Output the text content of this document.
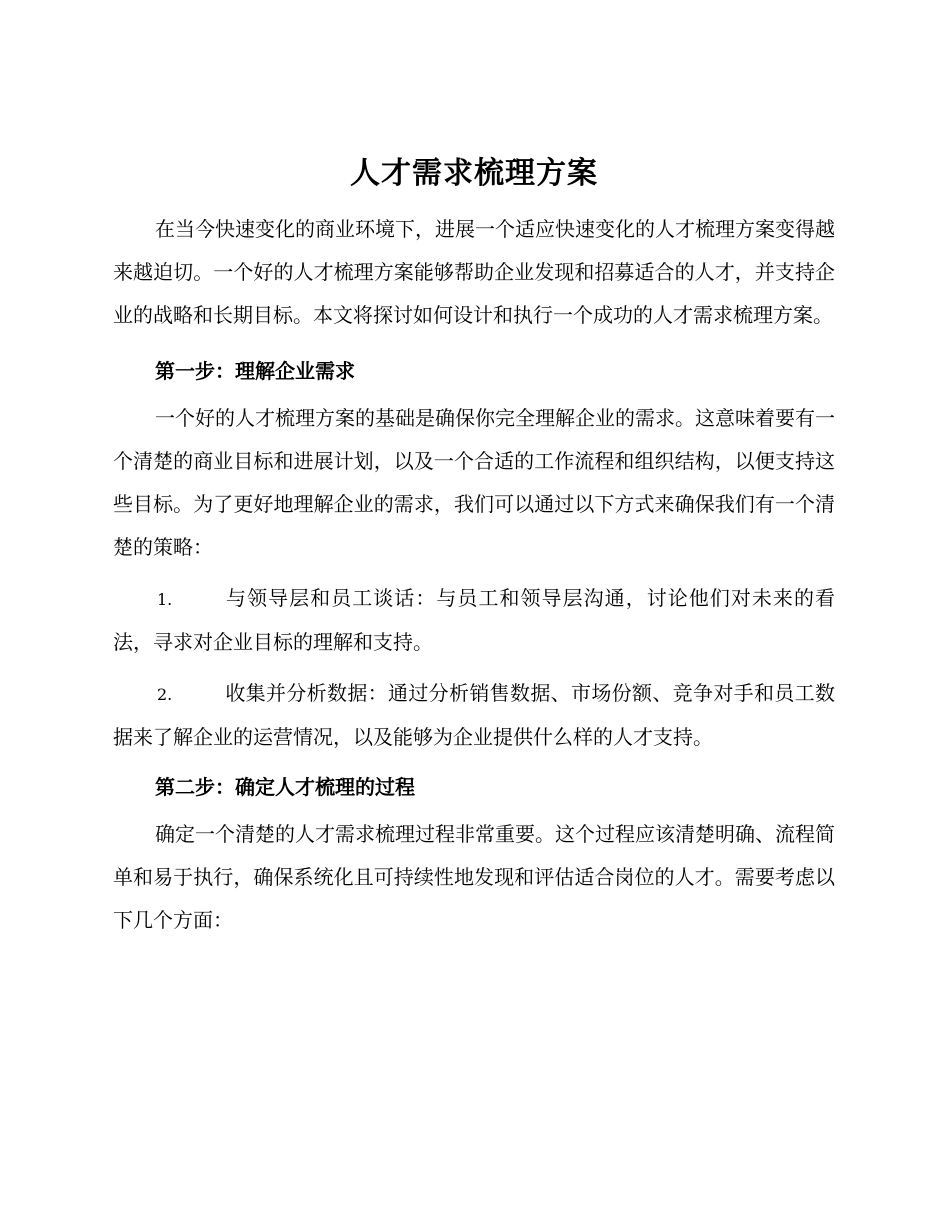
人才需求梳理方案

在当今快速变化的商业环境下，进展一个适应快速变化的人才梳理方案变得越来越迫切。一个好的人才梳理方案能够帮助企业发现和招募适合的人才，并支持企业的战略和长期目标。本文将探讨如何设计和执行一个成功的人才需求梳理方案。

第一步：理解企业需求

一个好的人才梳理方案的基础是确保你完全理解企业的需求。这意味着要有一个清楚的商业目标和进展计划，以及一个合适的工作流程和组织结构，以便支持这些目标。为了更好地理解企业的需求，我们可以通过以下方式来确保我们有一个清楚的策略：

1.	与领导层和员工谈话：与员工和领导层沟通，讨论他们对未来的看法，寻求对企业目标的理解和支持。
2.	收集并分析数据：通过分析销售数据、市场份额、竞争对手和员工数据来了解企业的运营情况，以及能够为企业提供什么样的人才支持。
第二步：确定人才梳理的过程

确定一个清楚的人才需求梳理过程非常重要。这个过程应该清楚明确、流程简单和易于执行，确保系统化且可持续性地发现和评估适合岗位的人才。需要考虑以下几个方面：
